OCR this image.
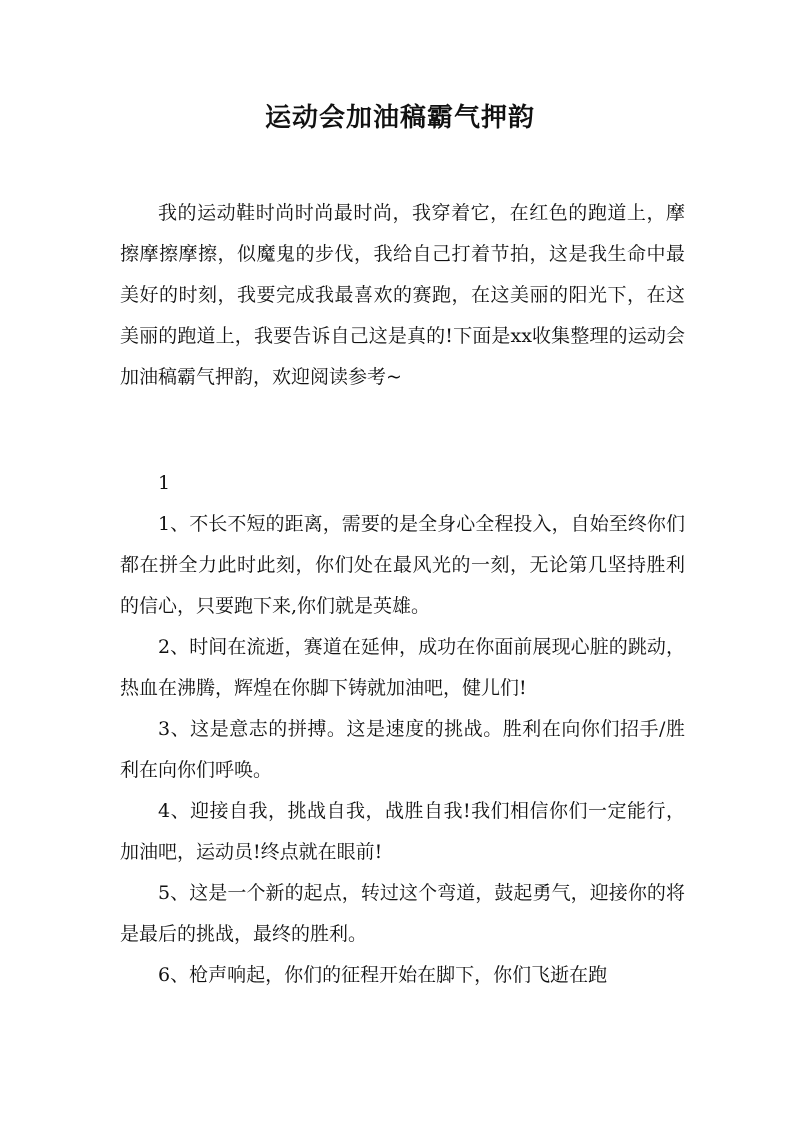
运动会加油稿霸气押韵

我的运动鞋时尚时尚最时尚，我穿着它，在红色的跑道上，摩擦摩擦摩擦，似魔鬼的步伐，我给自己打着节拍，这是我生命中最美好的时刻，我要完成我最喜欢的赛跑，在这美丽的阳光下，在这美丽的跑道上，我要告诉自己这是真的!下面是xx收集整理的运动会加油稿霸气押韵，欢迎阅读参考~

1

1、不长不短的距离，需要的是全身心全程投入，自始至终你们都在拼全力此时此刻，你们处在最风光的一刻，无论第几坚持胜利的信心，只要跑下来,你们就是英雄。

2、时间在流逝，赛道在延伸，成功在你面前展现心脏的跳动，热血在沸腾，辉煌在你脚下铸就加油吧，健儿们!

3、这是意志的拼搏。这是速度的挑战。胜利在向你们招手/胜利在向你们呼唤。

4、迎接自我，挑战自我，战胜自我!我们相信你们一定能行，加油吧，运动员!终点就在眼前!

5、这是一个新的起点，转过这个弯道，鼓起勇气，迎接你的将是最后的挑战，最终的胜利。

6、枪声响起，你们的征程开始在脚下，你们飞逝在跑
